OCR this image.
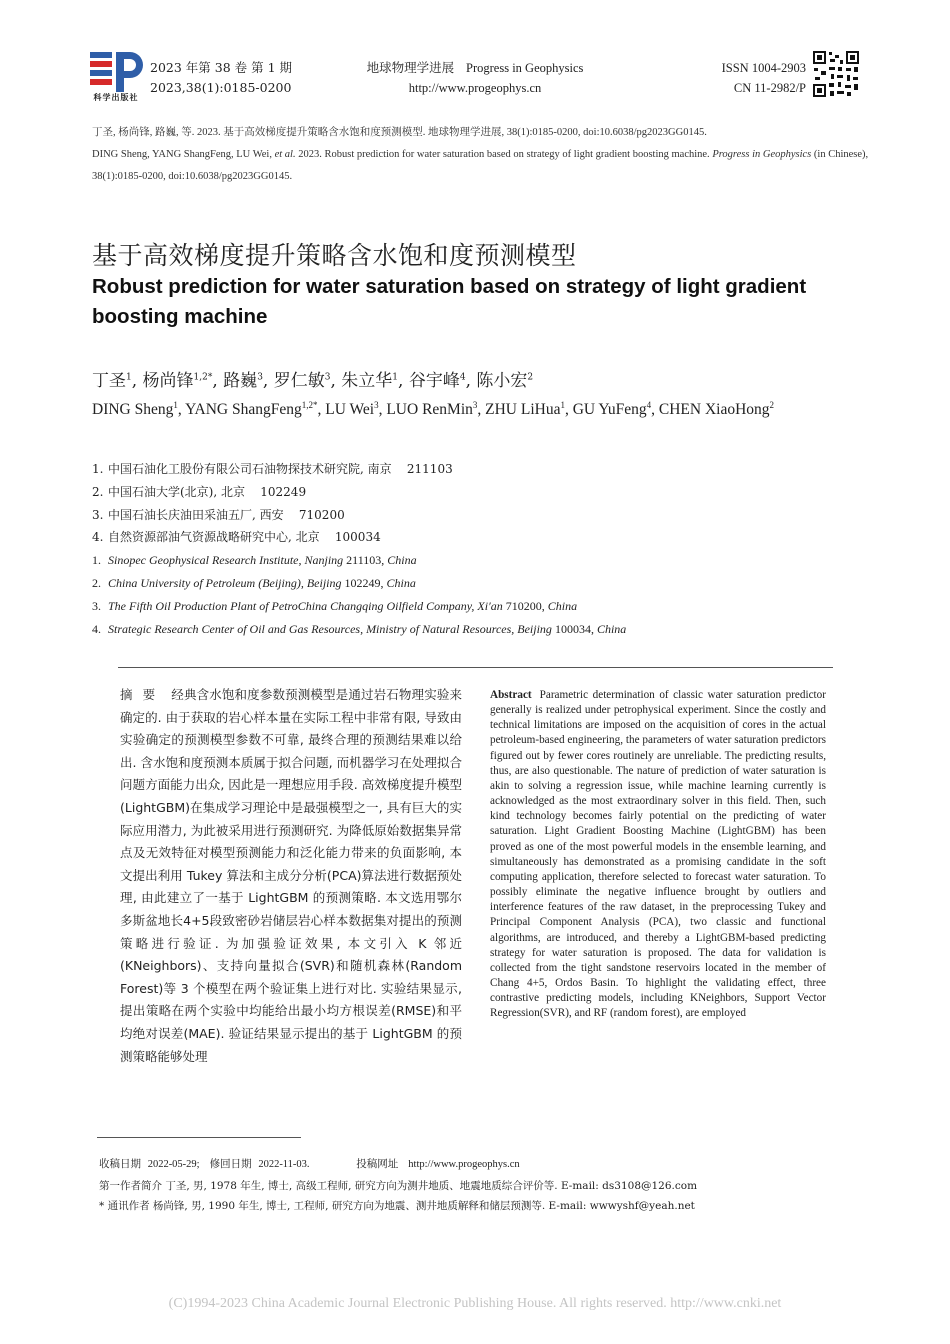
科学出版社
2023 年第 38 卷 第 1 期
2023,38(1):0185-0200
地球物理学进展 Progress in Geophysics
http://www.progeophys.cn
ISSN 1004-2903
CN 11-2982/P

丁圣, 杨尚锋, 路巍, 等. 2023. 基于高效梯度提升策略含水饱和度预测模型. 地球物理学进展, 38(1):0185-0200, doi:10.6038/pg2023GG0145.

DING Sheng, YANG ShangFeng, LU Wei, et al. 2023. Robust prediction for water saturation based on strategy of light gradient boosting machine. Progress in Geophysics (in Chinese), 38(1):0185-0200, doi:10.6038/pg2023GG0145.

基于高效梯度提升策略含水饱和度预测模型
Robust prediction for water saturation based on strategy of light gradient boosting machine
丁圣$^1$, 杨尚锋$^{1,2*}$, 路巍$^3$, 罗仁敏$^3$, 朱立华$^1$, 谷宇峰$^4$, 陈小宏$^2$
DING Sheng$^1$, YANG ShangFeng$^{1,2*}$, LU Wei$^3$, LUO RenMin$^3$, ZHU LiHua$^1$, GU YuFeng$^4$, CHEN XiaoHong$^2$
1. 中国石油化工股份有限公司石油物探技术研究院, 南京 211103
2. 中国石油大学(北京), 北京 102249
3. 中国石油长庆油田采油五厂, 西安 710200
4. 自然资源部油气资源战略研究中心, 北京 100034
1. Sinopec Geophysical Research Institute, Nanjing 211103, China
2. China University of Petroleum (Beijing), Beijing 102249, China
3. The Fifth Oil Production Plant of PetroChina Changqing Oilfield Company, Xi′an 710200, China
4. Strategic Research Center of Oil and Gas Resources, Ministry of Natural Resources, Beijing 100034, China
摘要 经典含水饱和度参数预测模型是通过岩石物理实验来确定的. 由于获取的岩心样本量在实际工程中非常有限, 导致由实验确定的预测模型参数不可靠, 最终合理的预测结果难以给出. 含水饱和度预测本质属于拟合问题, 而机器学习在处理拟合问题方面能力出众, 因此是一理想应用手段. 高效梯度提升模型(LightGBM)在集成学习理论中是最强模型之一, 具有巨大的实际应用潜力, 为此被采用进行预测研究. 为降低原始数据集异常点及无效特征对模型预测能力和泛化能力带来的负面影响, 本文提出利用 Tukey 算法和主成分分析(PCA)算法进行数据预处理, 由此建立了一基于 LightGBM 的预测策略. 本文选用鄂尔多斯盆地长4+5段致密砂岩储层岩心样本数据集对提出的预测策略进行验证. 为加强验证效果, 本文引入 K 邻近(KNeighbors)、支持向量拟合(SVR)和随机森林(Random Forest)等 3 个模型在两个验证集上进行对比. 实验结果显示, 提出策略在两个实验中均能给出最小均方根误差(RMSE)和平均绝对误差(MAE). 验证结果显示提出的基于 LightGBM 的预测策略能够处理
Abstract Parametric determination of classic water saturation predictor generally is realized under petrophysical experiment. Since the costly and technical limitations are imposed on the acquisition of cores in the actual petroleum-based engineering, the parameters of water saturation predictors figured out by fewer cores routinely are unreliable. The predicting results, thus, are also questionable. The nature of prediction of water saturation is akin to solving a regression issue, while machine learning currently is acknowledged as the most extraordinary solver in this field. Then, such kind technology becomes fairly potential on the predicting of water saturation. Light Gradient Boosting Machine (LightGBM) has been proved as one of the most powerful models in the ensemble learning, and simultaneously has demonstrated as a promising candidate in the soft computing application, therefore selected to forecast water saturation. To possibly eliminate the negative influence brought by outliers and interference features of the raw dataset, in the preprocessing Tukey and Principal Component Analysis (PCA), two classic and functional algorithms, are introduced, and thereby a LightGBM-based predicting strategy for water saturation is proposed. The data for validation is collected from the tight sandstone reservoirs located in the member of Chang 4+5, Ordos Basin. To highlight the validating effect, three contrastive predicting models, including KNeighbors, Support Vector Regression(SVR), and RF (random forest), are employed
收稿日期 2022-05-29; 修回日期 2022-11-03.	投稿网址 http://www.progeophys.cn
第一作者简介 丁圣, 男, 1978 年生, 博士, 高级工程师, 研究方向为测井地质、地震地质综合评价等. E-mail: ds3108@126.com
* 通讯作者 杨尚锋, 男, 1990 年生, 博士, 工程师, 研究方向为地震、测井地质解释和储层预测等. E-mail: wwwyshf@yeah.net
(C)1994-2023 China Academic Journal Electronic Publishing House. All rights reserved. http://www.cnki.net
